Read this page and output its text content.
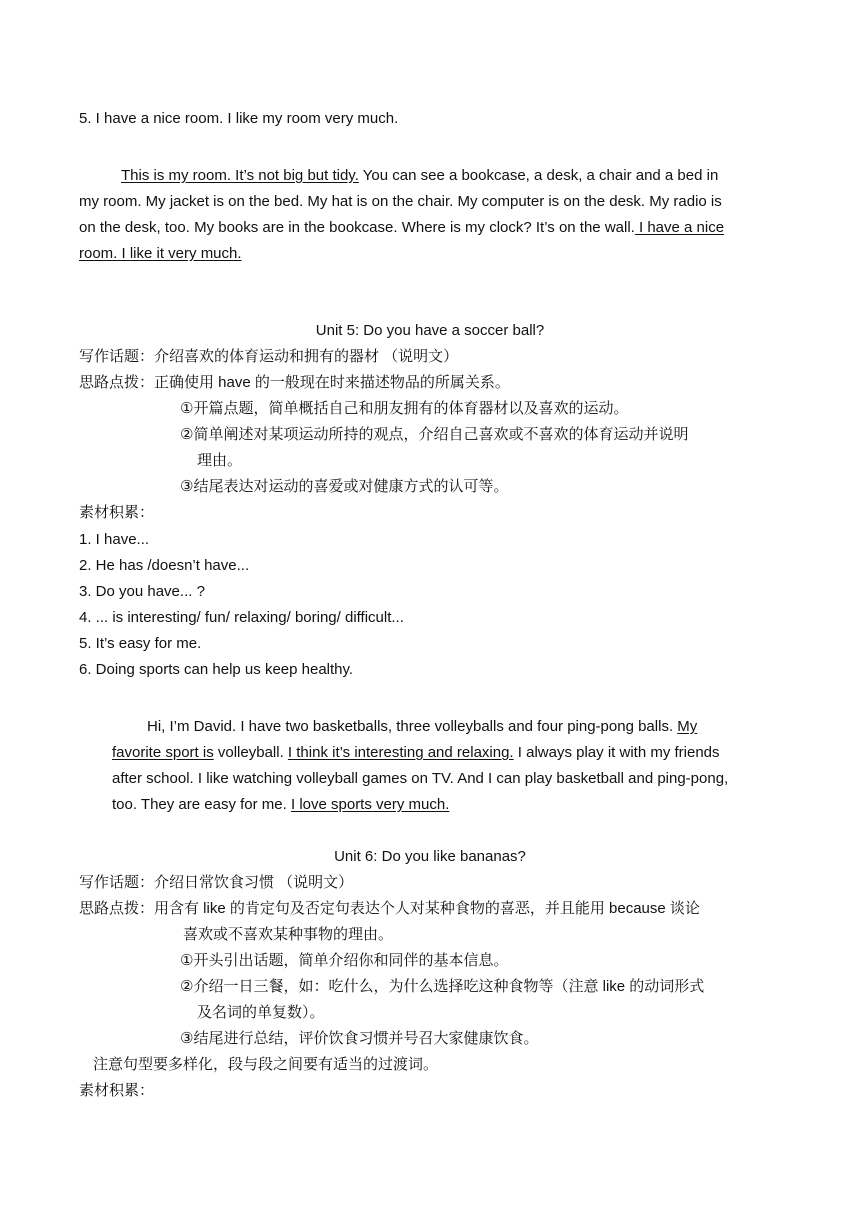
5. I have a nice room. I like my room very much.
This is my room. It’s not big but tidy. You can see a bookcase, a desk, a chair and a bed in
my room. My jacket is on the bed. My hat is on the chair. My computer is on the desk. My radio is
on the desk, too. My books are in the bookcase. Where is my clock? It’s on the wall. I have a nice
room. I like it very much.
Unit 5: Do you have a soccer ball?
写作话题：介绍喜欢的体育运动和拥有的器材 （说明文）
思路点拨：正确使用 have 的一般现在时来描述物品的所属关系。
①开篇点题，简单概括自己和朋友拥有的体育器材以及喜欢的运动。
②简单阐述对某项运动所持的观点，介绍自己喜欢或不喜欢的体育运动并说明
理由。
③结尾表达对运动的喜爱或对健康方式的认可等。
素材积累：
1. I have...
2. He has /doesn’t have...
3. Do you have... ?
4. ... is interesting/ fun/ relaxing/ boring/ difficult...
5. It’s easy for me.
6. Doing sports can help us keep healthy.
Hi, I’m David. I have two basketballs, three volleyballs and four ping-pong balls. My
favorite sport is volleyball. I think it’s interesting and relaxing. I always play it with my friends
after school. I like watching volleyball games on TV. And I can play basketball and ping-pong,
too. They are easy for me. I love sports very much.
Unit 6: Do you like bananas?
写作话题：介绍日常饮食习惯 （说明文）
思路点拨：用含有 like 的肯定句及否定句表达个人对某种食物的喜恶，并且能用 because 谈论
喜欢或不喜欢某种事物的理由。
①开头引出话题，简单介绍你和同伴的基本信息。
②介绍一日三餐，如：吃什么，为什么选择吃这种食物等（注意 like 的动词形式
及名词的单复数）。
③结尾进行总结，评价饮食习惯并号召大家健康饮食。
注意句型要多样化，段与段之间要有适当的过渡词。
素材积累：
